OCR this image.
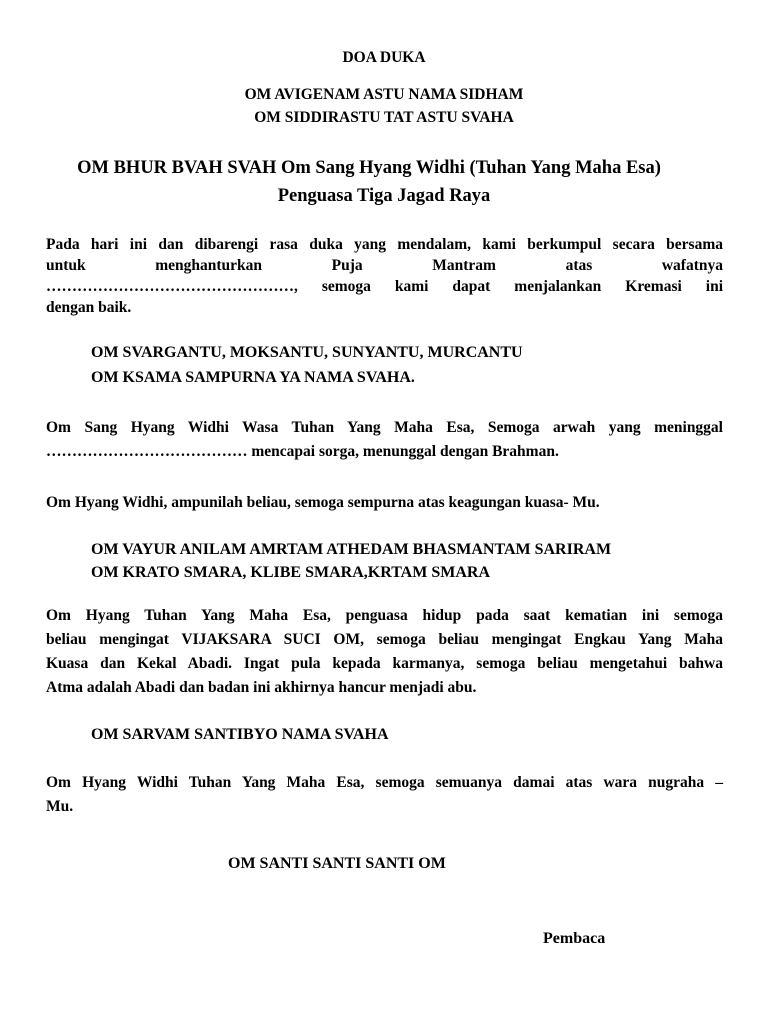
DOA DUKA
OM AVIGENAM ASTU NAMA SIDHAM
OM SIDDIRASTU TAT ASTU SVAHA
OM BHUR BVAH SVAH Om Sang Hyang Widhi (Tuhan Yang Maha Esa)
Penguasa Tiga Jagad Raya
Pada hari ini dan dibarengi rasa duka yang mendalam, kami berkumpul secara bersama
untuk menghanturkan Puja Mantram atas wafatnya
…………………………………………, semoga kami dapat menjalankan Kremasi ini
dengan baik.
OM SVARGANTU, MOKSANTU, SUNYANTU, MURCANTU
OM KSAMA SAMPURNA YA NAMA SVAHA.
Om Sang Hyang Widhi Wasa Tuhan Yang Maha Esa, Semoga arwah yang meninggal
………………………………… mencapai sorga, menunggal dengan Brahman.
Om Hyang Widhi, ampunilah beliau, semoga sempurna atas keagungan kuasa- Mu.
OM VAYUR ANILAM AMRTAM ATHEDAM BHASMANTAM SARIRAM
OM KRATO SMARA, KLIBE SMARA,KRTAM SMARA
Om Hyang Tuhan Yang Maha Esa, penguasa hidup pada saat kematian ini semoga
beliau mengingat VIJAKSARA SUCI OM, semoga beliau mengingat Engkau Yang Maha
Kuasa dan Kekal Abadi. Ingat pula kepada karmanya, semoga beliau mengetahui bahwa
Atma adalah Abadi dan badan ini akhirnya hancur menjadi abu.
OM SARVAM SANTIBYO NAMA SVAHA
Om Hyang Widhi Tuhan Yang Maha Esa, semoga semuanya damai atas wara nugraha –
Mu.
OM SANTI SANTI SANTI OM
Pembaca
